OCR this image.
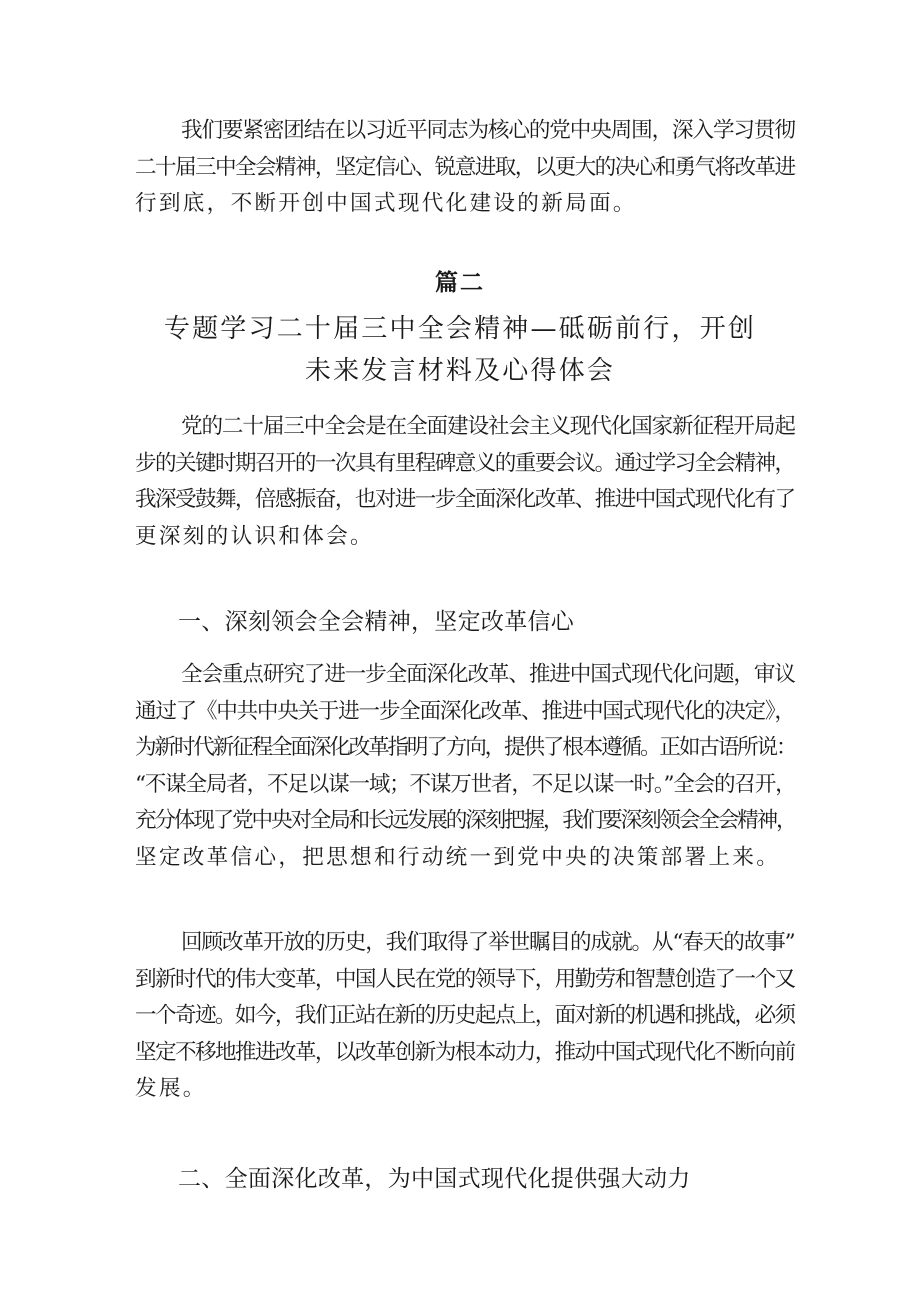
我们要紧密团结在以习近平同志为核心的党中央周围，深入学习贯彻
二十届三中全会精神，坚定信心、锐意进取，以更大的决心和勇气将改革进
行到底，不断开创中国式现代化建设的新局面。
篇二
专题学习二十届三中全会精神—砥砺前行，开创
未来发言材料及心得体会
党的二十届三中全会是在全面建设社会主义现代化国家新征程开局起
步的关键时期召开的一次具有里程碑意义的重要会议。通过学习全会精神，
我深受鼓舞，倍感振奋，也对进一步全面深化改革、推进中国式现代化有了
更深刻的认识和体会。
一、深刻领会全会精神，坚定改革信心
全会重点研究了进一步全面深化改革、推进中国式现代化问题，审议
通过了《中共中央关于进一步全面深化改革、推进中国式现代化的决定》，
为新时代新征程全面深化改革指明了方向，提供了根本遵循。正如古语所说：
“不谋全局者，不足以谋一域；不谋万世者，不足以谋一时。”全会的召开，
充分体现了党中央对全局和长远发展的深刻把握，我们要深刻领会全会精神，
坚定改革信心，把思想和行动统一到党中央的决策部署上来。
回顾改革开放的历史，我们取得了举世瞩目的成就。从“春天的故事”
到新时代的伟大变革，中国人民在党的领导下，用勤劳和智慧创造了一个又
一个奇迹。如今，我们正站在新的历史起点上，面对新的机遇和挑战，必须
坚定不移地推进改革，以改革创新为根本动力，推动中国式现代化不断向前
发展。
二、全面深化改革，为中国式现代化提供强大动力
